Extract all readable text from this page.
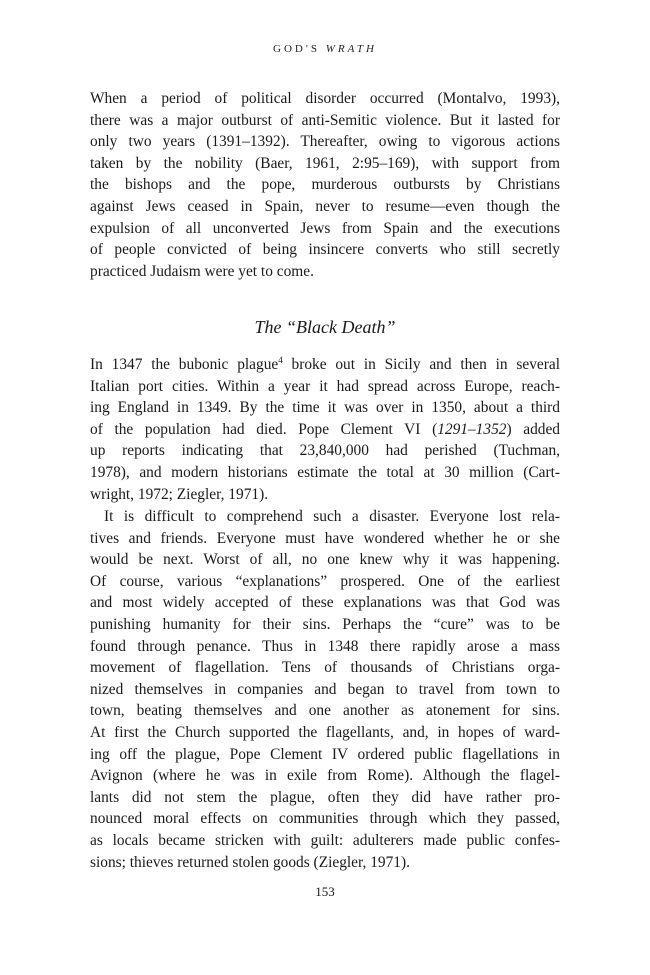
GOD'S WRATH
When a period of political disorder occurred (Montalvo, 1993),
there was a major outburst of anti-Semitic violence. But it lasted for
only two years (1391–1392). Thereafter, owing to vigorous actions
taken by the nobility (Baer, 1961, 2:95–169), with support from
the bishops and the pope, murderous outbursts by Christians
against Jews ceased in Spain, never to resume—even though the
expulsion of all unconverted Jews from Spain and the executions
of people convicted of being insincere converts who still secretly
practiced Judaism were yet to come.
The “Black Death”
In 1347 the bubonic plague$^4$ broke out in Sicily and then in several
Italian port cities. Within a year it had spread across Europe, reach-
ing England in 1349. By the time it was over in 1350, about a third
of the population had died. Pope Clement VI (1291–1352) added
up reports indicating that 23,840,000 had perished (Tuchman,
1978), and modern historians estimate the total at 30 million (Cart-
wright, 1972; Ziegler, 1971).
It is difficult to comprehend such a disaster. Everyone lost rela-
tives and friends. Everyone must have wondered whether he or she
would be next. Worst of all, no one knew why it was happening.
Of course, various “explanations” prospered. One of the earliest
and most widely accepted of these explanations was that God was
punishing humanity for their sins. Perhaps the “cure” was to be
found through penance. Thus in 1348 there rapidly arose a mass
movement of flagellation. Tens of thousands of Christians orga-
nized themselves in companies and began to travel from town to
town, beating themselves and one another as atonement for sins.
At first the Church supported the flagellants, and, in hopes of ward-
ing off the plague, Pope Clement IV ordered public flagellations in
Avignon (where he was in exile from Rome). Although the flagel-
lants did not stem the plague, often they did have rather pro-
nounced moral effects on communities through which they passed,
as locals became stricken with guilt: adulterers made public confes-
sions; thieves returned stolen goods (Ziegler, 1971).
153
